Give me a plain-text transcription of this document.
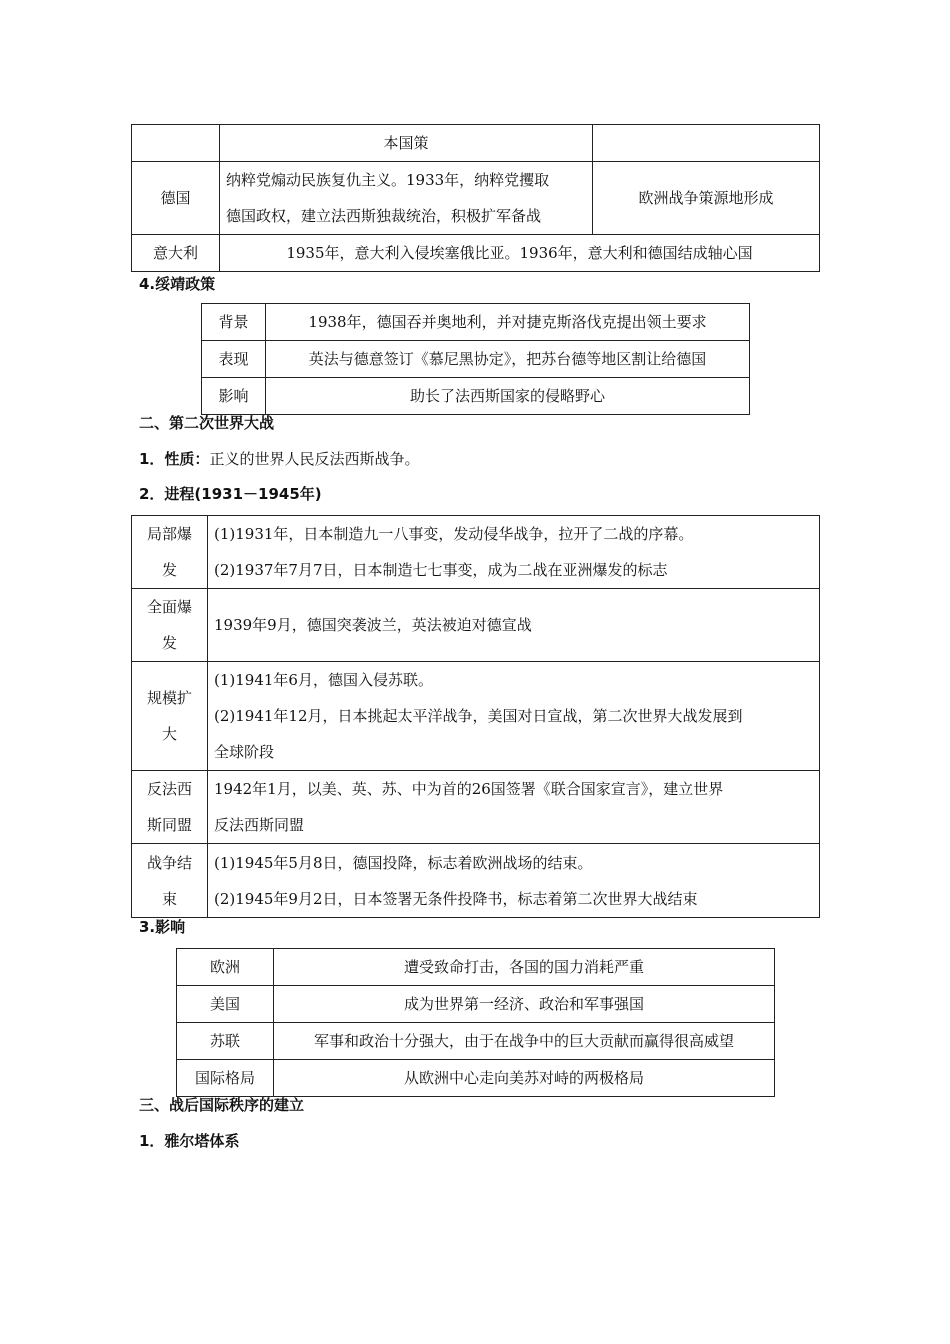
	本国策	
德国	纳粹党煽动民族复仇主义。1933年，纳粹党攫取
德国政权，建立法西斯独裁统治，积极扩军备战	欧洲战争策源地形成
意大利	1935年，意大利入侵埃塞俄比亚。1936年，意大利和德国结成轴心国	
4.绥靖政策
背景	1938年，德国吞并奥地利，并对捷克斯洛伐克提出领土要求
表现	英法与德意签订《慕尼黑协定》，把苏台德等地区割让给德国
影响	助长了法西斯国家的侵略野心
二、第二次世界大战
1．性质：正义的世界人民反法西斯战争。
2．进程(1931－1945年)
局部爆
发	(1)1931年，日本制造九一八事变，发动侵华战争，拉开了二战的序幕。
(2)1937年7月7日，日本制造七七事变，成为二战在亚洲爆发的标志

全面爆
发	1939年9月，德国突袭波兰，英法被迫对德宣战

规模扩
大	(1)1941年6月，德国入侵苏联。
(2)1941年12月，日本挑起太平洋战争，美国对日宣战，第二次世界大战发展到
全球阶段

反法西
斯同盟	1942年1月，以美、英、苏、中为首的26国签署《联合国家宣言》，建立世界
反法西斯同盟

战争结
束	(1)1945年5月8日，德国投降，标志着欧洲战场的结束。
(2)1945年9月2日，日本签署无条件投降书，标志着第二次世界大战结束
3.影响
欧洲	遭受致命打击，各国的国力消耗严重
美国	成为世界第一经济、政治和军事强国
苏联	军事和政治十分强大，由于在战争中的巨大贡献而赢得很高威望
国际格局	从欧洲中心走向美苏对峙的两极格局
三、战后国际秩序的建立
1．雅尔塔体系
